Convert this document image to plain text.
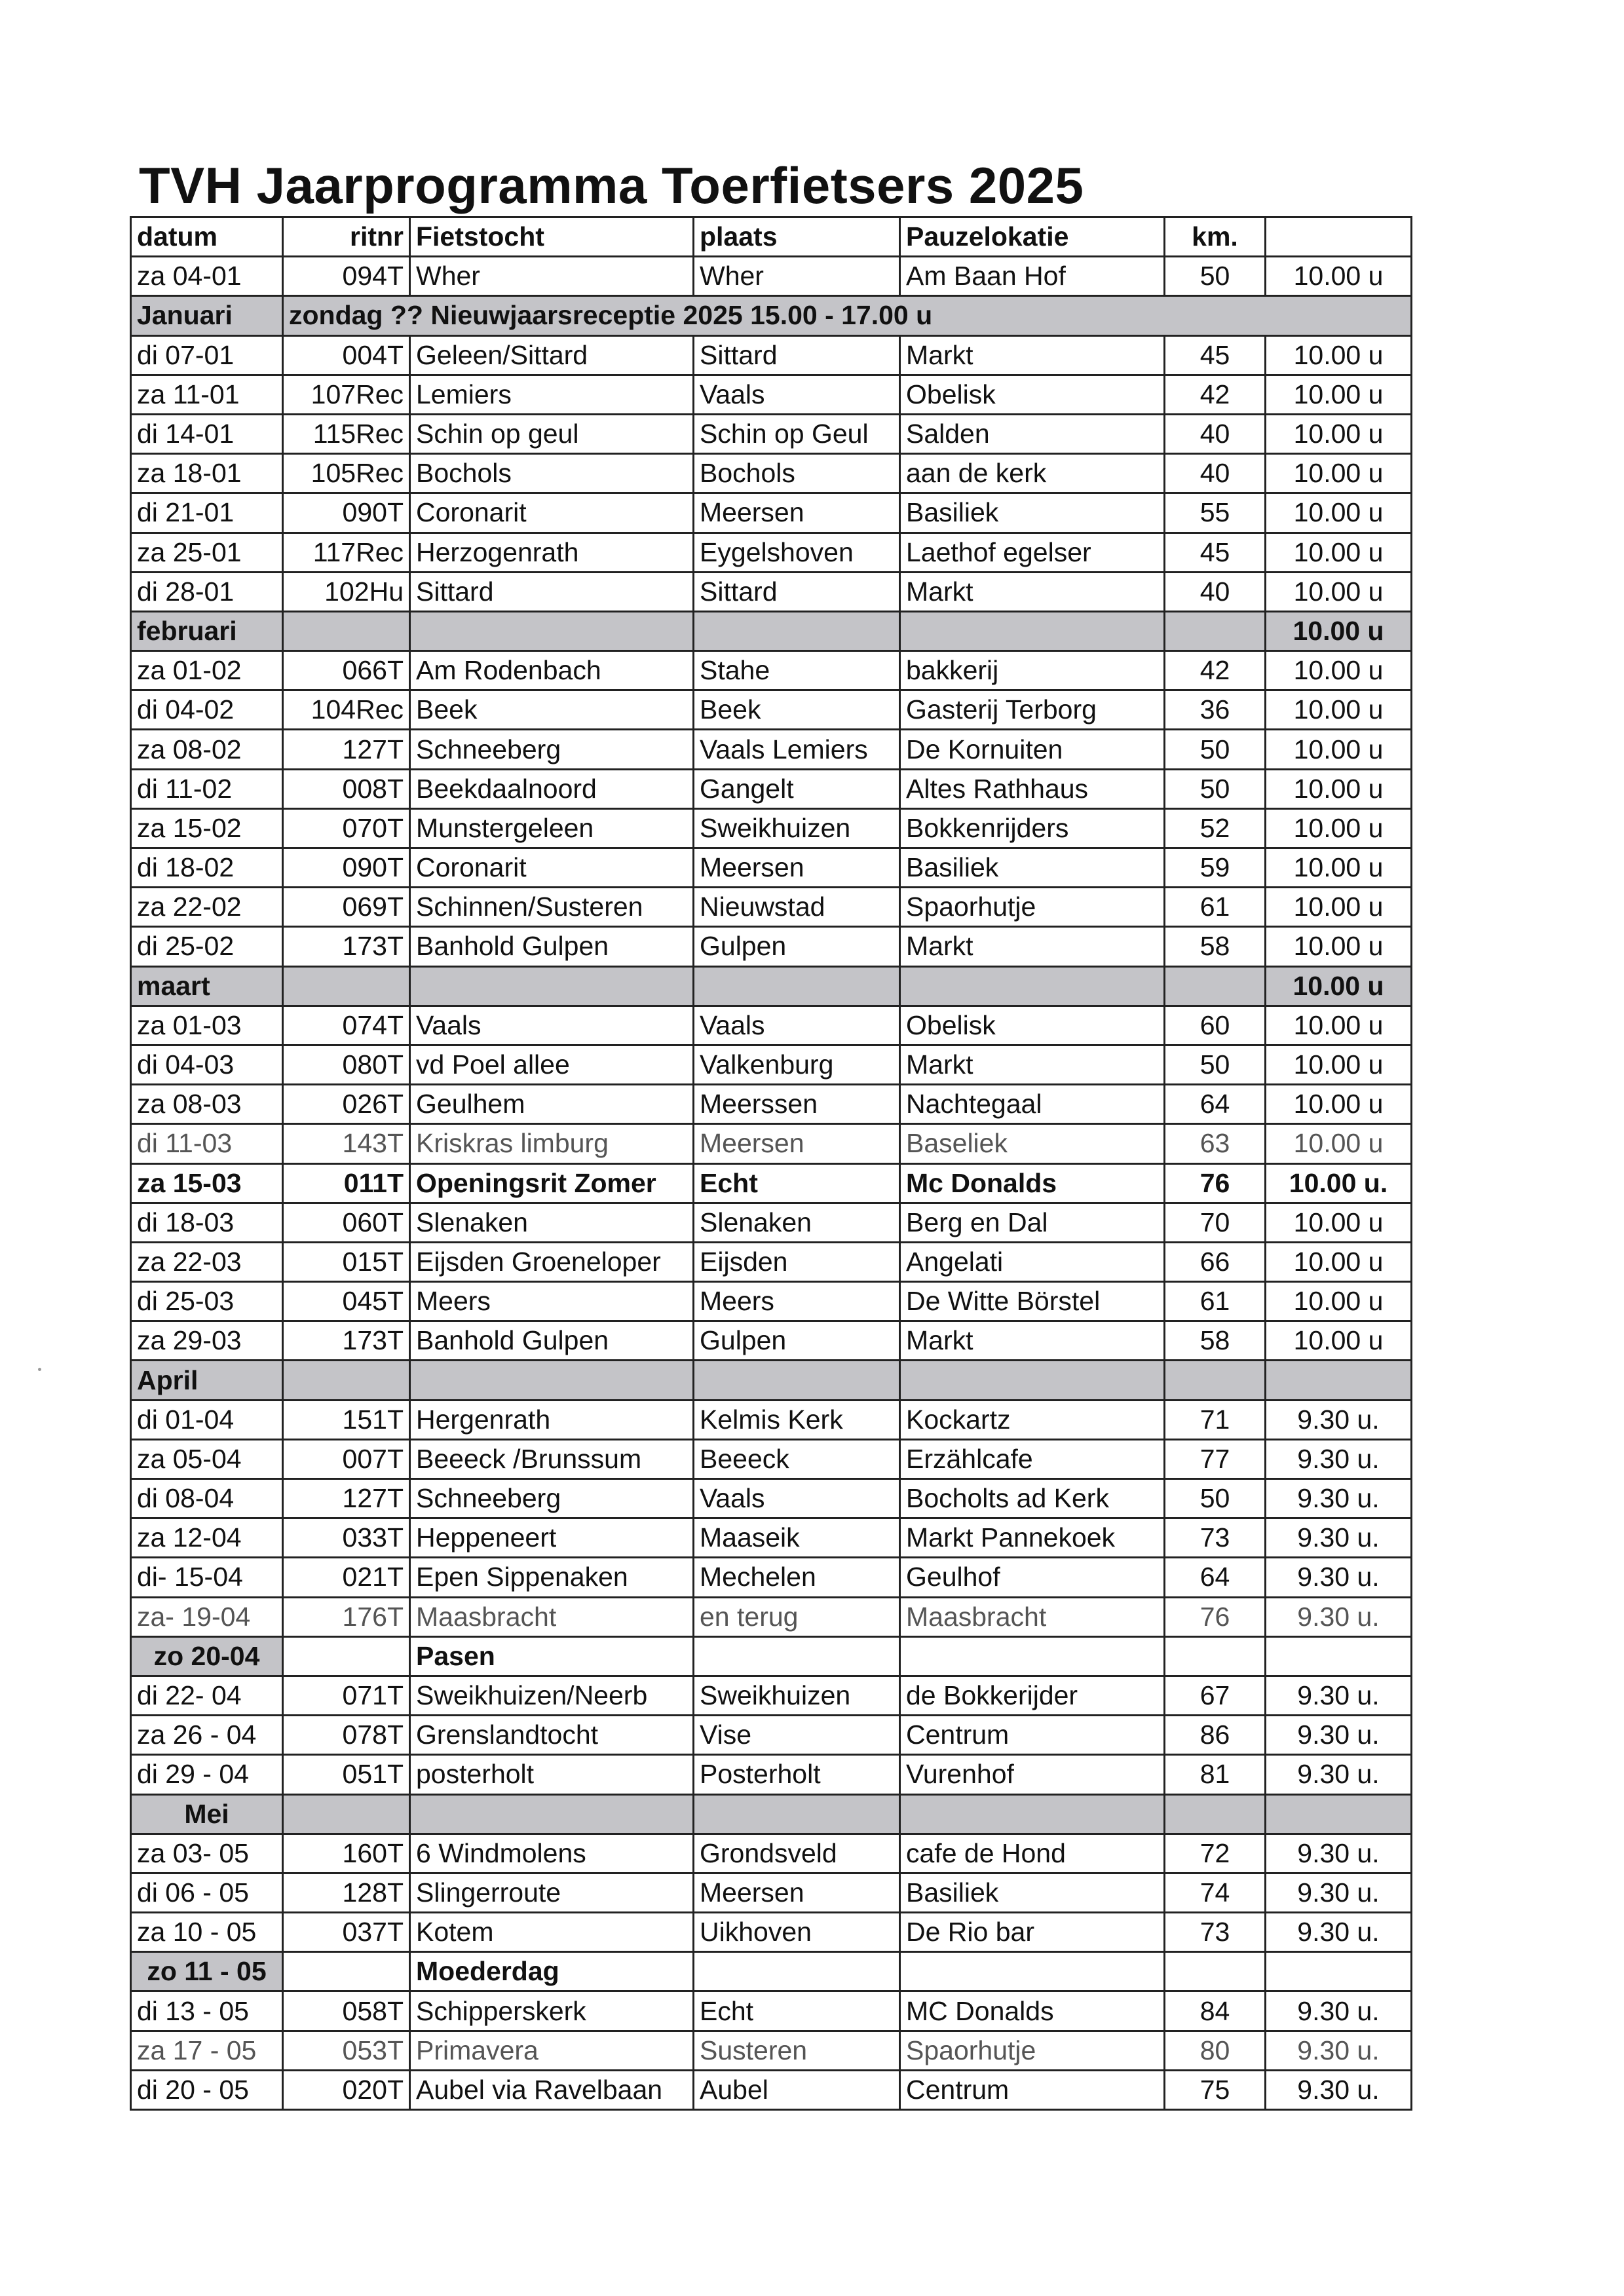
TVH Jaarprogramma Toerfietsers 2025
datum	ritnr	Fietstocht	plaats	Pauzelokatie	km.	
za 04-01	094T	Wher	Wher	Am Baan Hof	50	10.00 u
Januari	zondag ?? Nieuwjaarsreceptie 2025 15.00 - 17.00 u					
di 07-01	004T	Geleen/Sittard	Sittard	Markt	45	10.00 u
za 11-01	107Rec	Lemiers	Vaals	Obelisk	42	10.00 u
di 14-01	115Rec	Schin op geul	Schin op Geul	Salden	40	10.00 u
za 18-01	105Rec	Bochols	Bochols	aan de kerk	40	10.00 u
di 21-01	090T	Coronarit	Meersen	Basiliek	55	10.00 u
za 25-01	117Rec	Herzogenrath	Eygelshoven	Laethof egelser	45	10.00 u
di 28-01	102Hu	Sittard	Sittard	Markt	40	10.00 u
februari						10.00 u
za 01-02	066T	Am Rodenbach	Stahe	bakkerij	42	10.00 u
di 04-02	104Rec	Beek	Beek	Gasterij Terborg	36	10.00 u
za 08-02	127T	Schneeberg	Vaals Lemiers	De Kornuiten	50	10.00 u
di 11-02	008T	Beekdaalnoord	Gangelt	Altes Rathhaus	50	10.00 u
za 15-02	070T	Munstergeleen	Sweikhuizen	Bokkenrijders	52	10.00 u
di 18-02	090T	Coronarit	Meersen	Basiliek	59	10.00 u
za 22-02	069T	Schinnen/Susteren	Nieuwstad	Spaorhutje	61	10.00 u
di 25-02	173T	Banhold Gulpen	Gulpen	Markt	58	10.00 u
maart						10.00 u
za 01-03	074T	Vaals	Vaals	Obelisk	60	10.00 u
di 04-03	080T	vd Poel allee	Valkenburg	Markt	50	10.00 u
za 08-03	026T	Geulhem	Meerssen	Nachtegaal	64	10.00 u
di 11-03	143T	Kriskras limburg	Meersen	Baseliek	63	10.00 u
za 15-03	011T	Openingsrit Zomer	Echt	Mc Donalds	76	10.00 u.
di 18-03	060T	Slenaken	Slenaken	Berg en Dal	70	10.00 u
za 22-03	015T	Eijsden Groeneloper	Eijsden	Angelati	66	10.00 u
di 25-03	045T	Meers	Meers	De Witte Börstel	61	10.00 u
za 29-03	173T	Banhold Gulpen	Gulpen	Markt	58	10.00 u
April						
di 01-04	151T	Hergenrath	Kelmis Kerk	Kockartz	71	9.30 u.
za 05-04	007T	Beeeck /Brunssum	Beeeck	Erzählcafe	77	9.30 u.
di 08-04	127T	Schneeberg	Vaals	Bocholts ad Kerk	50	9.30 u.
za 12-04	033T	Heppeneert	Maaseik	Markt Pannekoek	73	9.30 u.
di- 15-04	021T	Epen Sippenaken	Mechelen	Geulhof	64	9.30 u.
za- 19-04	176T	Maasbracht	en terug	Maasbracht	76	9.30 u.
zo 20-04		Pasen				
di 22- 04	071T	Sweikhuizen/Neerb	Sweikhuizen	de Bokkerijder	67	9.30 u.
za 26 - 04	078T	Grenslandtocht	Vise	Centrum	86	9.30 u.
di 29 - 04	051T	posterholt	Posterholt	Vurenhof	81	9.30 u.
Mei						
za 03- 05	160T	6 Windmolens	Grondsveld	cafe de Hond	72	9.30 u.
di 06 - 05	128T	Slingerroute	Meersen	Basiliek	74	9.30 u.
za 10 - 05	037T	Kotem	Uikhoven	De Rio bar	73	9.30 u.
zo 11 - 05		Moederdag				
di 13 - 05	058T	Schipperskerk	Echt	MC Donalds	84	9.30 u.
za 17 - 05	053T	Primavera	Susteren	Spaorhutje	80	9.30 u.
di 20 - 05	020T	Aubel via Ravelbaan	Aubel	Centrum	75	9.30 u.
